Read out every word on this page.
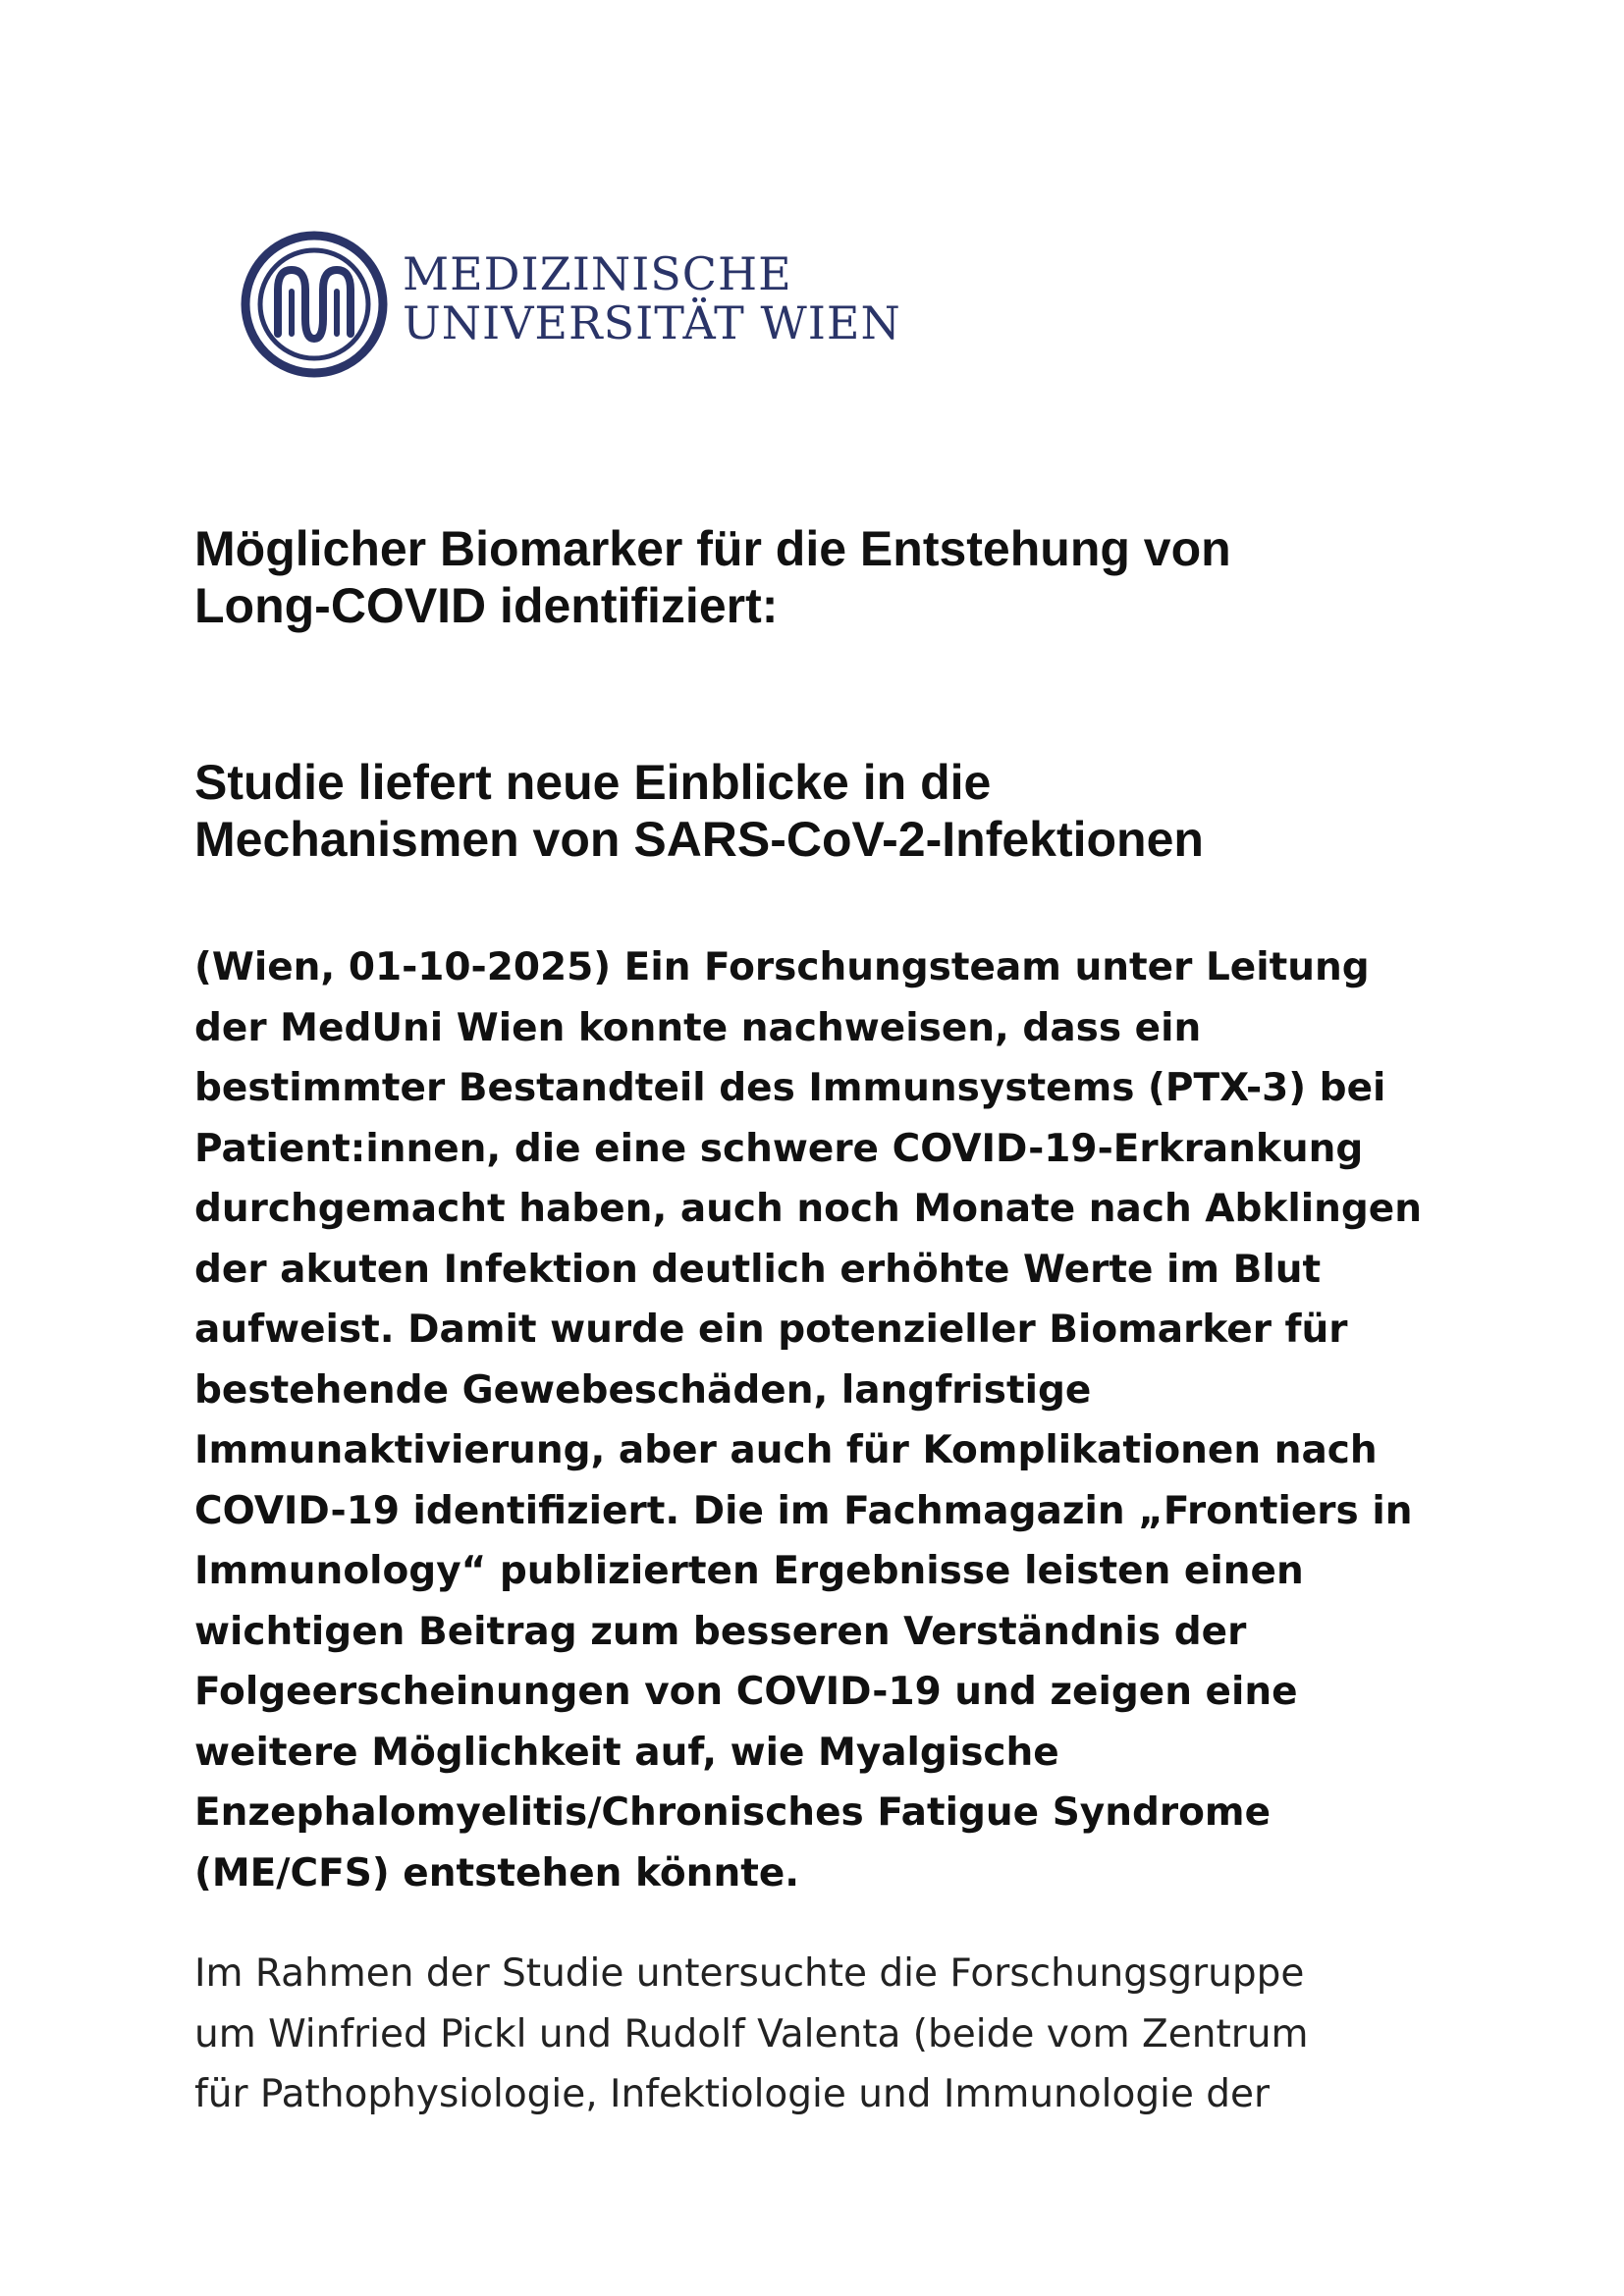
MEDIZINISCHE
UNIVERSITÄT WIEN
Möglicher Biomarker für die Entstehung von
Long-COVID identifiziert:
Studie liefert neue Einblicke in die
Mechanismen von SARS-CoV-2-Infektionen

(Wien, 01-10-2025) Ein Forschungsteam unter Leitung
der MedUni Wien konnte nachweisen, dass ein
bestimmter Bestandteil des Immunsystems (PTX-3) bei
Patient:innen, die eine schwere COVID-19-Erkrankung
durchgemacht haben, auch noch Monate nach Abklingen
der akuten Infektion deutlich erhöhte Werte im Blut
aufweist. Damit wurde ein potenzieller Biomarker für
bestehende Gewebeschäden, langfristige
Immunaktivierung, aber auch für Komplikationen nach
COVID-19 identifiziert. Die im Fachmagazin „Frontiers in
Immunology“ publizierten Ergebnisse leisten einen
wichtigen Beitrag zum besseren Verständnis der
Folgeerscheinungen von COVID-19 und zeigen eine
weitere Möglichkeit auf, wie Myalgische
Enzephalomyelitis/Chronisches Fatigue Syndrome
(ME/CFS) entstehen könnte.

Im Rahmen der Studie untersuchte die Forschungsgruppe
um Winfried Pickl und Rudolf Valenta (beide vom Zentrum
für Pathophysiologie, Infektiologie und Immunologie der
